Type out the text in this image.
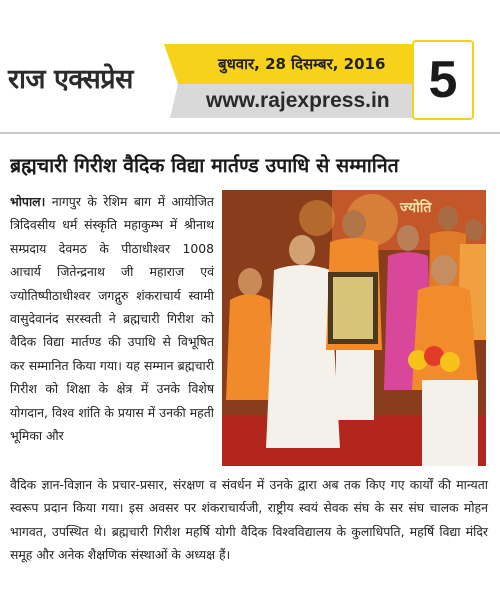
राज एक्सप्रेस	बुधवार, 28 दिसम्बर, 2016
www.rajexpress.in 5
ब्रह्मचारी गिरीश वैदिक विद्या मार्तण्ड उपाधि से सम्मानित
भोपाल। नागपुर के रेशिम बाग में आयोजित त्रिदिवसीय धर्म संस्कृति महाकुम्भ में श्रीनाथ सम्प्रदाय देवमठ के पीठाधीश्वर 1008 आचार्य जितेन्द्रनाथ जी महाराज एवं ज्योतिष्पीठाधीश्वर जगद्गुरु शंकराचार्य स्वामी वासुदेवानंद सरस्वती ने ब्रह्मचारी गिरीश को वैदिक विद्या मार्तण्ड की उपाधि से विभूषित कर सम्मानित किया गया। यह सम्मान ब्रह्मचारी गिरीश को शिक्षा के क्षेत्र में उनके विशेष योगदान, विश्व शांति के प्रयास में उनकी महती भूमिका और
ज्योति
वैदिक ज्ञान-विज्ञान के प्रचार-प्रसार, संरक्षण व संवर्धन में उनके द्वारा अब तक किए गए कार्यों की मान्यता स्वरूप प्रदान किया गया। इस अवसर पर शंकराचार्यजी, राष्ट्रीय स्वयं सेवक संघ के सर संघ चालक मोहन भागवत, उपस्थित थे। ब्रह्मचारी गिरीश महर्षि योगी वैदिक विश्वविद्यालय के कुलाधिपति, महर्षि विद्या मंदिर समूह और अनेक शैक्षणिक संस्थाओं के अध्यक्ष हैं।
